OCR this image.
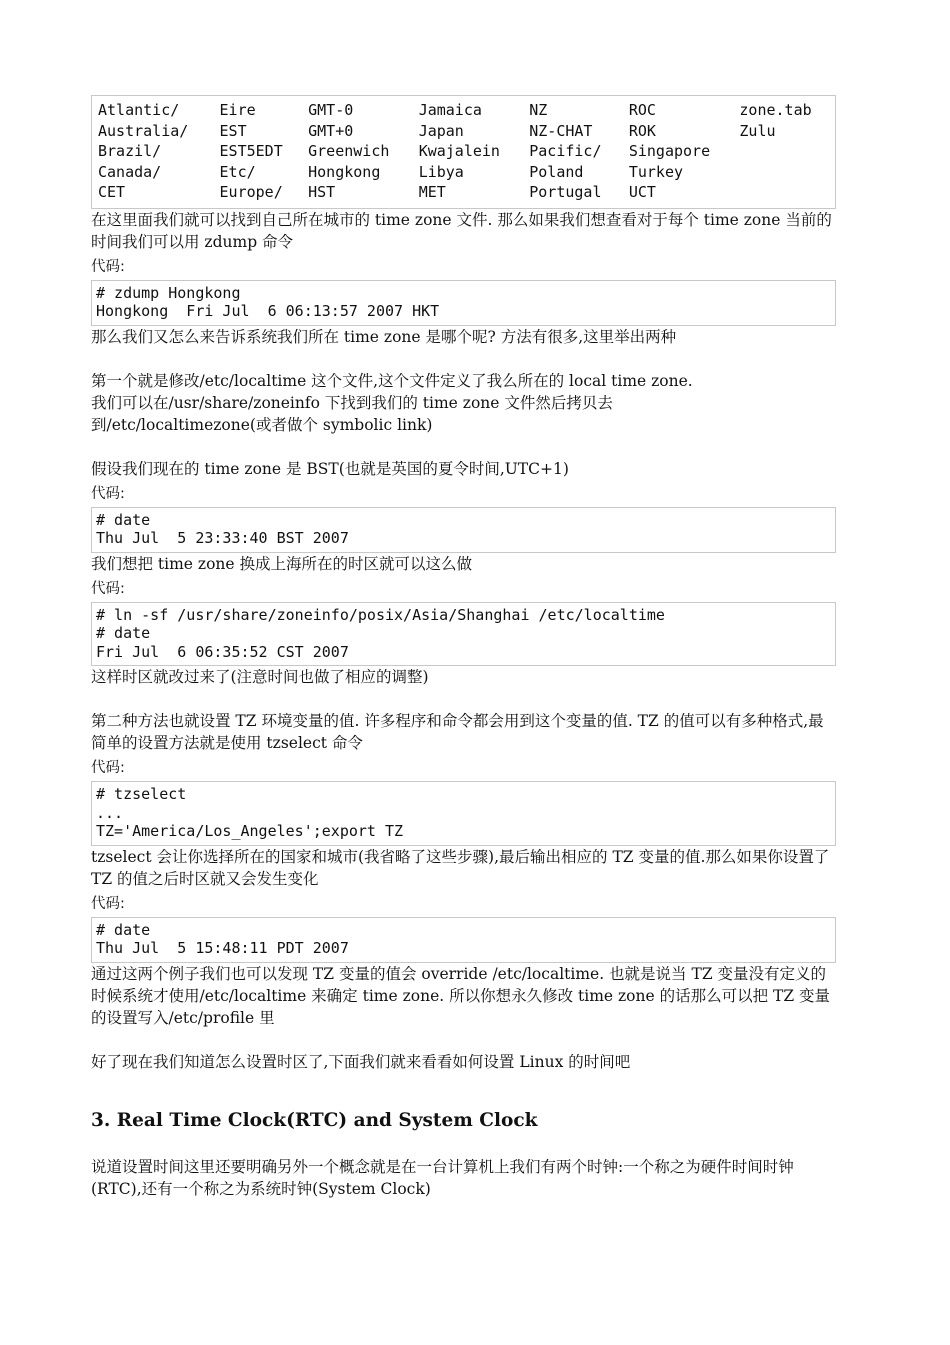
Atlantic/	Eire	GMT-0	Jamaica	NZ	ROC	zone.tab
Australia/	EST	GMT+0	Japan	NZ-CHAT	ROK	Zulu
Brazil/	EST5EDT	Greenwich	Kwajalein	Pacific/	Singapore	
Canada/	Etc/	Hongkong	Libya	Poland	Turkey	
CET	Europe/	HST	MET	Portugal	UCT	

在这里面我们就可以找到自己所在城市的 time zone 文件. 那么如果我们想查看对于每个 time zone 当前的时间我们可以用 zdump 命令

代码:
# zdump Hongkong
Hongkong  Fri Jul  6 06:13:57 2007 HKT

那么我们又怎么来告诉系统我们所在 time zone 是哪个呢? 方法有很多,这里举出两种

第一个就是修改/etc/localtime 这个文件,这个文件定义了我么所在的 local time zone.
我们可以在/usr/share/zoneinfo 下找到我们的 time zone 文件然后拷贝去
到/etc/localtimezone(或者做个 symbolic link)

假设我们现在的 time zone 是 BST(也就是英国的夏令时间,UTC+1)

代码:
# date
Thu Jul  5 23:33:40 BST 2007

我们想把 time zone 换成上海所在的时区就可以这么做

代码:
# ln -sf /usr/share/zoneinfo/posix/Asia/Shanghai /etc/localtime
# date
Fri Jul  6 06:35:52 CST 2007

这样时区就改过来了(注意时间也做了相应的调整)

第二种方法也就设置 TZ 环境变量的值. 许多程序和命令都会用到这个变量的值. TZ 的值可以有多种格式,最简单的设置方法就是使用 tzselect 命令

代码:
# tzselect
...
TZ='America/Los_Angeles';export TZ

tzselect 会让你选择所在的国家和城市(我省略了这些步骤),最后输出相应的 TZ 变量的值.那么如果你设置了 TZ 的值之后时区就又会发生变化

代码:
# date
Thu Jul  5 15:48:11 PDT 2007

通过这两个例子我们也可以发现 TZ 变量的值会 override /etc/localtime. 也就是说当 TZ 变量没有定义的时候系统才使用/etc/localtime 来确定 time zone. 所以你想永久修改 time zone 的话那么可以把 TZ 变量的设置写入/etc/profile 里

好了现在我们知道怎么设置时区了,下面我们就来看看如何设置 Linux 的时间吧

3. Real Time Clock(RTC) and System Clock

说道设置时间这里还要明确另外一个概念就是在一台计算机上我们有两个时钟:一个称之为硬件时间时钟(RTC),还有一个称之为系统时钟(System Clock)
